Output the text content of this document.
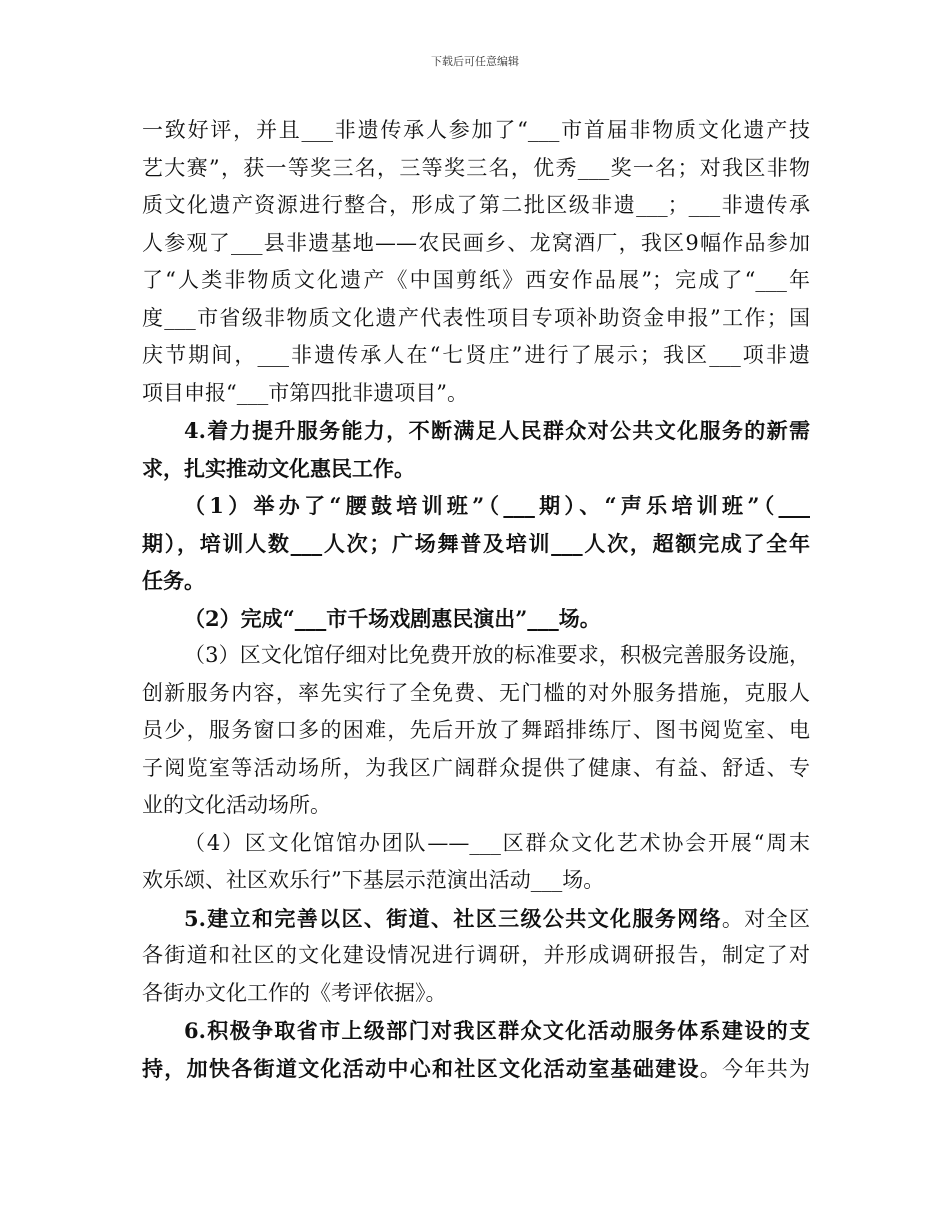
下载后可任意编辑
一致好评，并且___非遗传承人参加了“___市首届非物质文化遗产技
艺大赛”，获一等奖三名，三等奖三名，优秀___奖一名；对我区非物
质文化遗产资源进行整合，形成了第二批区级非遗___；___非遗传承
人参观了___县非遗基地——农民画乡、龙窝酒厂，我区9幅作品参加
了“人类非物质文化遗产《中国剪纸》西安作品展”；完成了“___年
度___市省级非物质文化遗产代表性项目专项补助资金申报”工作；国
庆节期间，___非遗传承人在“七贤庄”进行了展示；我区___项非遗
项目申报“___市第四批非遗项目”。
4.着力提升服务能力，不断满足人民群众对公共文化服务的新需
求，扎实推动文化惠民工作。
（1）举办了“腰鼓培训班”（___期）、“声乐培训班”（___
期），培训人数___人次；广场舞普及培训___人次，超额完成了全年
任务。
（2）完成“___市千场戏剧惠民演出”___场。
（3）区文化馆仔细对比免费开放的标准要求，积极完善服务设施，
创新服务内容，率先实行了全免费、无门槛的对外服务措施，克服人
员少，服务窗口多的困难，先后开放了舞蹈排练厅、图书阅览室、电
子阅览室等活动场所，为我区广阔群众提供了健康、有益、舒适、专
业的文化活动场所。
（4）区文化馆馆办团队——___区群众文化艺术协会开展“周末
欢乐颂、社区欢乐行”下基层示范演出活动___场。
5.建立和完善以区、街道、社区三级公共文化服务网络。对全区
各街道和社区的文化建设情况进行调研，并形成调研报告，制定了对
各街办文化工作的《考评依据》。
6.积极争取省市上级部门对我区群众文化活动服务体系建设的支
持，加快各街道文化活动中心和社区文化活动室基础建设。今年共为
